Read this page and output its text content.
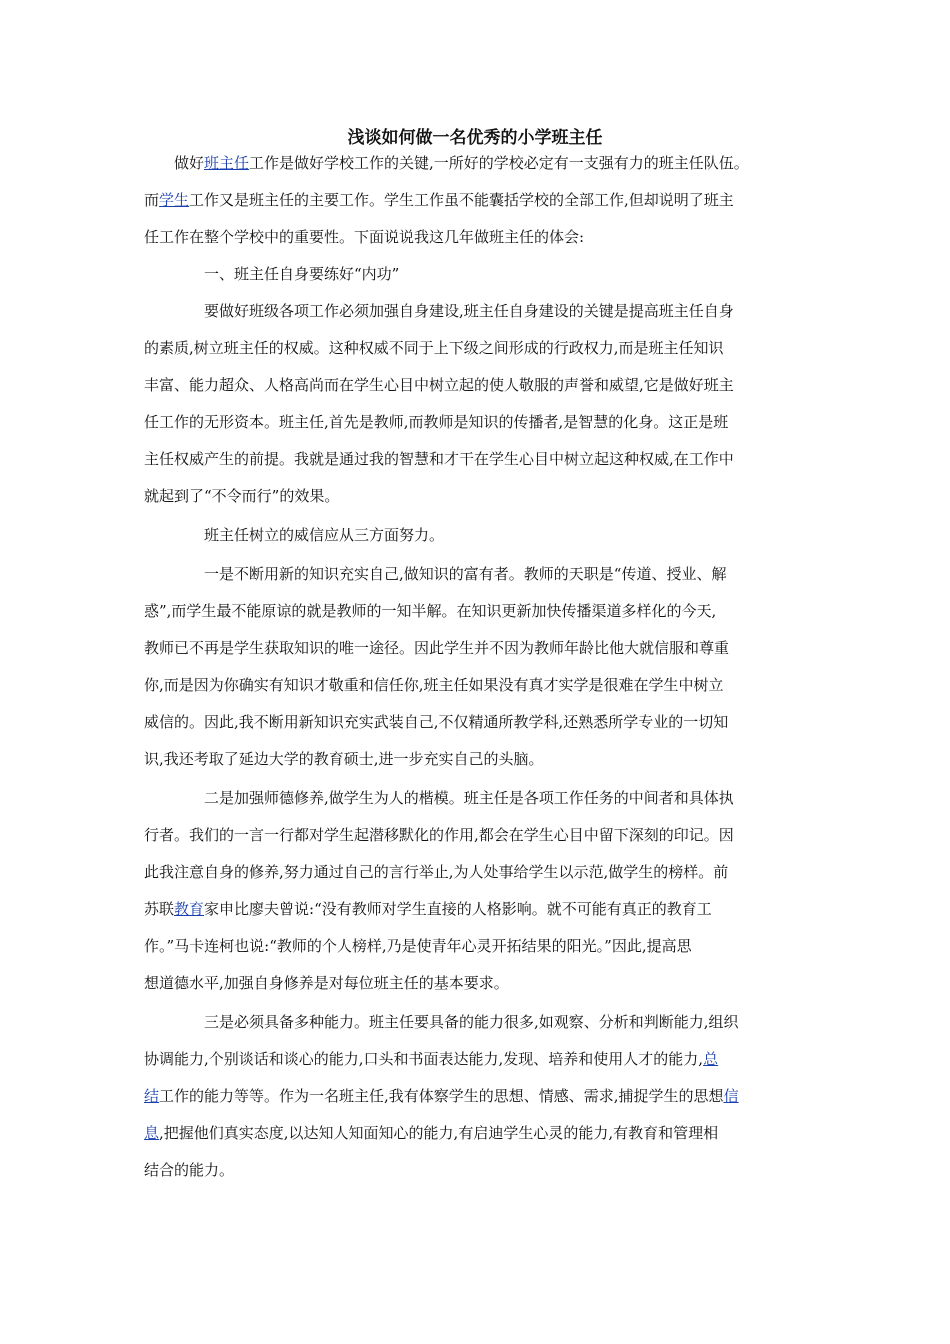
浅谈如何做一名优秀的小学班主任
做好班主任工作是做好学校工作的关键,一所好的学校必定有一支强有力的班主任队伍。
而学生工作又是班主任的主要工作。学生工作虽不能囊括学校的全部工作,但却说明了班主
任工作在整个学校中的重要性。下面说说我这几年做班主任的体会:
一、班主任自身要练好“内功”
要做好班级各项工作必须加强自身建设,班主任自身建设的关键是提高班主任自身
的素质,树立班主任的权威。这种权威不同于上下级之间形成的行政权力,而是班主任知识
丰富、能力超众、人格高尚而在学生心目中树立起的使人敬服的声誉和威望,它是做好班主
任工作的无形资本。班主任,首先是教师,而教师是知识的传播者,是智慧的化身。这正是班
主任权威产生的前提。我就是通过我的智慧和才干在学生心目中树立起这种权威,在工作中
就起到了“不令而行”的效果。
班主任树立的威信应从三方面努力。
一是不断用新的知识充实自己,做知识的富有者。教师的天职是“传道、授业、解
惑”,而学生最不能原谅的就是教师的一知半解。在知识更新加快传播渠道多样化的今天,
教师已不再是学生获取知识的唯一途径。因此学生并不因为教师年龄比他大就信服和尊重
你,而是因为你确实有知识才敬重和信任你,班主任如果没有真才实学是很难在学生中树立
威信的。因此,我不断用新知识充实武装自己,不仅精通所教学科,还熟悉所学专业的一切知
识,我还考取了延边大学的教育硕士,进一步充实自己的头脑。
二是加强师德修养,做学生为人的楷模。班主任是各项工作任务的中间者和具体执
行者。我们的一言一行都对学生起潜移默化的作用,都会在学生心目中留下深刻的印记。因
此我注意自身的修养,努力通过自己的言行举止,为人处事给学生以示范,做学生的榜样。前
苏联教育家申比廖夫曾说:“没有教师对学生直接的人格影响。就不可能有真正的教育工
作。”马卡连柯也说:“教师的个人榜样,乃是使青年心灵开拓结果的阳光。”因此,提高思
想道德水平,加强自身修养是对每位班主任的基本要求。
三是必须具备多种能力。班主任要具备的能力很多,如观察、分析和判断能力,组织
协调能力,个别谈话和谈心的能力,口头和书面表达能力,发现、培养和使用人才的能力,总
结工作的能力等等。作为一名班主任,我有体察学生的思想、情感、需求,捕捉学生的思想信
息,把握他们真实态度,以达知人知面知心的能力,有启迪学生心灵的能力,有教育和管理相
结合的能力。
